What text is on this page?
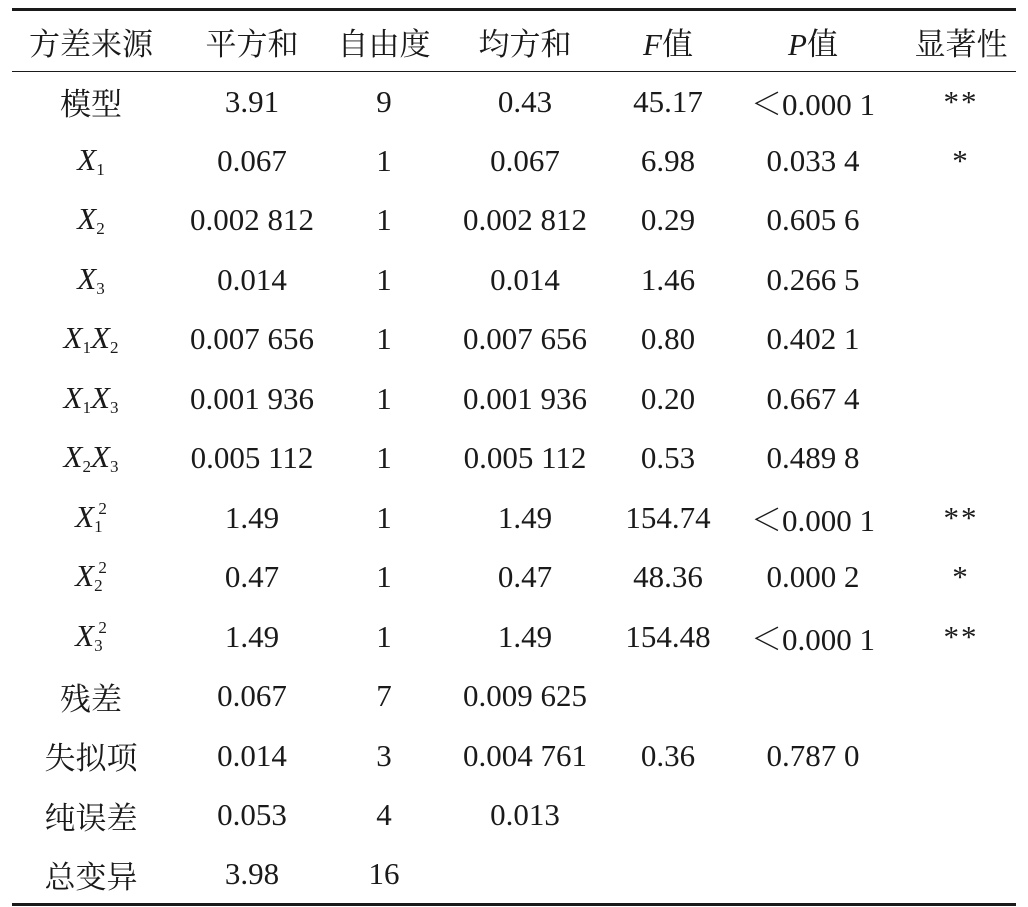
方差来源	平方和	自由度	均方和	F值	P值	显著性
模型	3.91	9	0.43	45.17	＜0.000 1	**
$X_1$	0.067	1	0.067	6.98	0.033 4	*
$X_2$	0.002 812	1	0.002 812	0.29	0.605 6	
$X_3$	0.014	1	0.014	1.46	0.266 5	
$X_1X_2$	0.007 656	1	0.007 656	0.80	0.402 1	
$X_1X_3$	0.001 936	1	0.001 936	0.20	0.667 4	
$X_2X_3$	0.005 112	1	0.005 112	0.53	0.489 8	
$X_1^2$	1.49	1	1.49	154.74	＜0.000 1	**
$X_2^2$	0.47	1	0.47	48.36	0.000 2	*
$X_3^2$	1.49	1	1.49	154.48	＜0.000 1	**
残差	0.067	7	0.009 625			
失拟项	0.014	3	0.004 761	0.36	0.787 0	
纯误差	0.053	4	0.013			
总变异	3.98	16				
